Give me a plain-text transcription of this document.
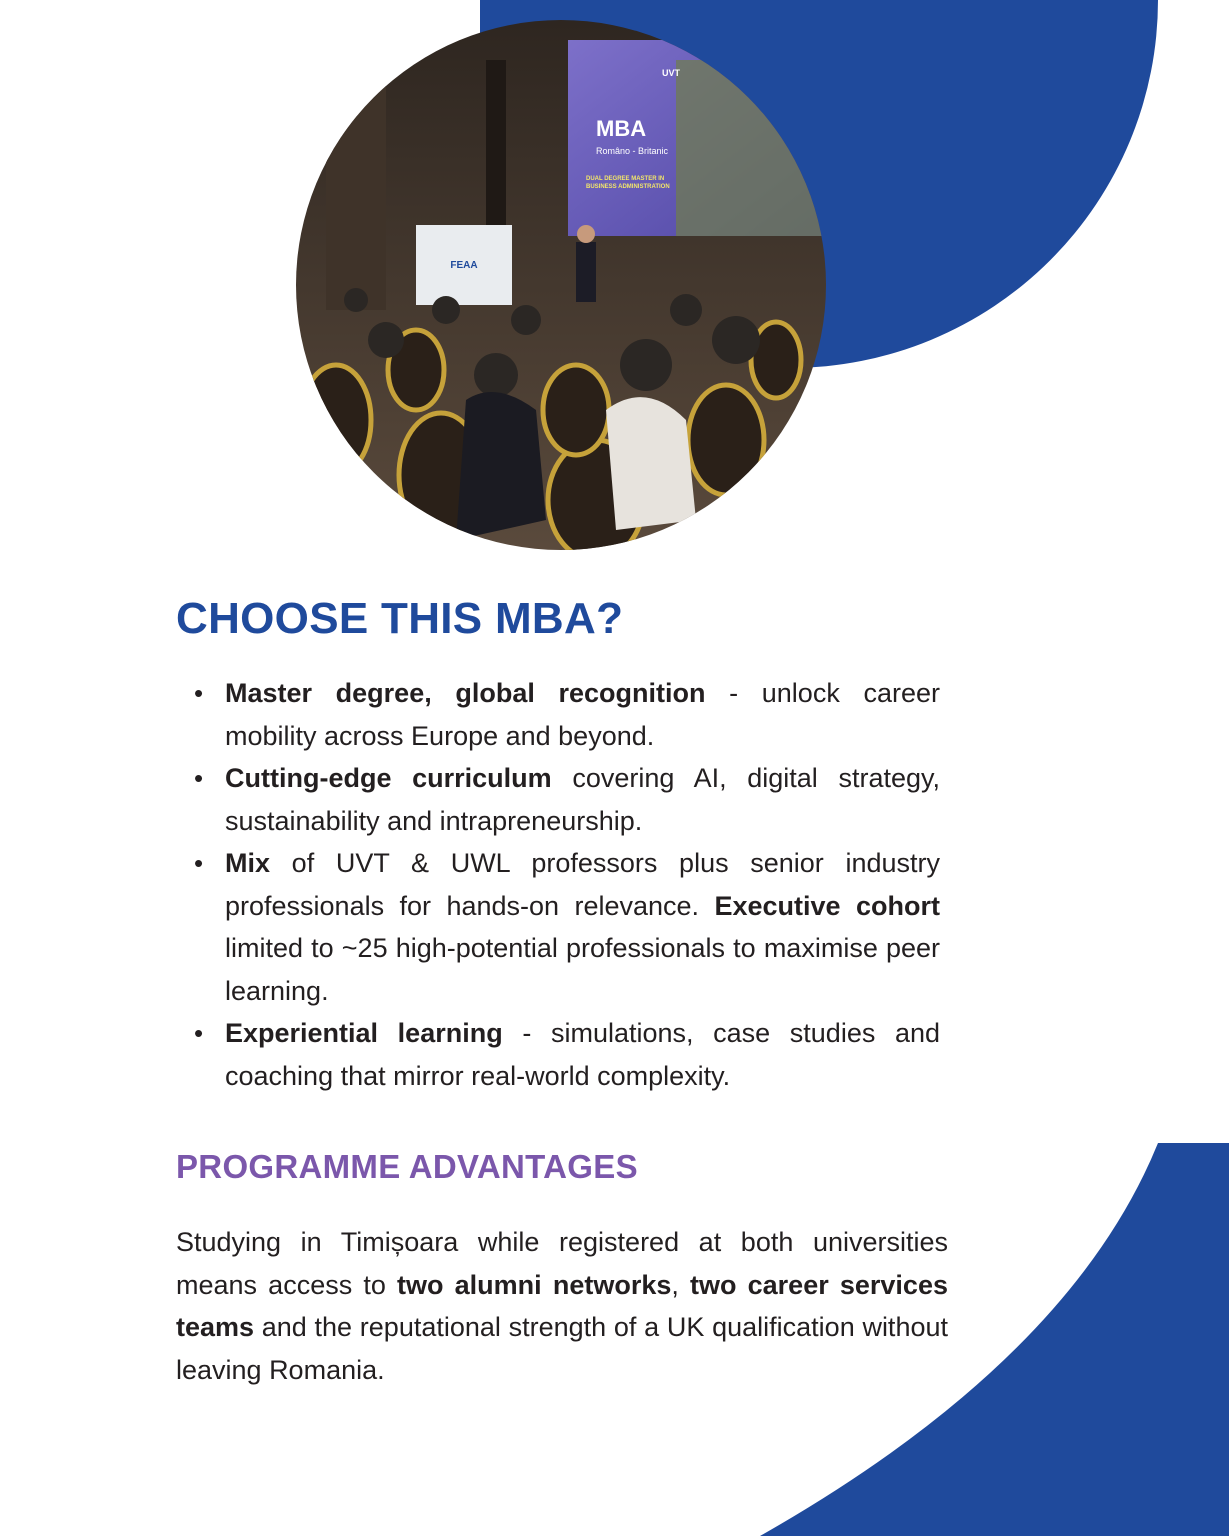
MBA
Româno - Britanic
DUAL DEGREE MASTER IN
BUSINESS ADMINISTRATION
UVT
FEAA
CHOOSE THIS MBA?
• Master degree, global recognition - unlock career mobility across Europe and beyond.
• Cutting-edge curriculum covering AI, digital strategy, sustainability and intrapreneurship.
• Mix of UVT & UWL professors plus senior industry professionals for hands-on relevance. Executive cohort limited to ~25 high-potential professionals to maximise peer learning.
• Experiential learning - simulations, case studies and coaching that mirror real-world complexity.
PROGRAMME ADVANTAGES

Studying in Timișoara while registered at both universities means access to two alumni networks, two career services teams and the reputational strength of a UK qualification without leaving Romania.
